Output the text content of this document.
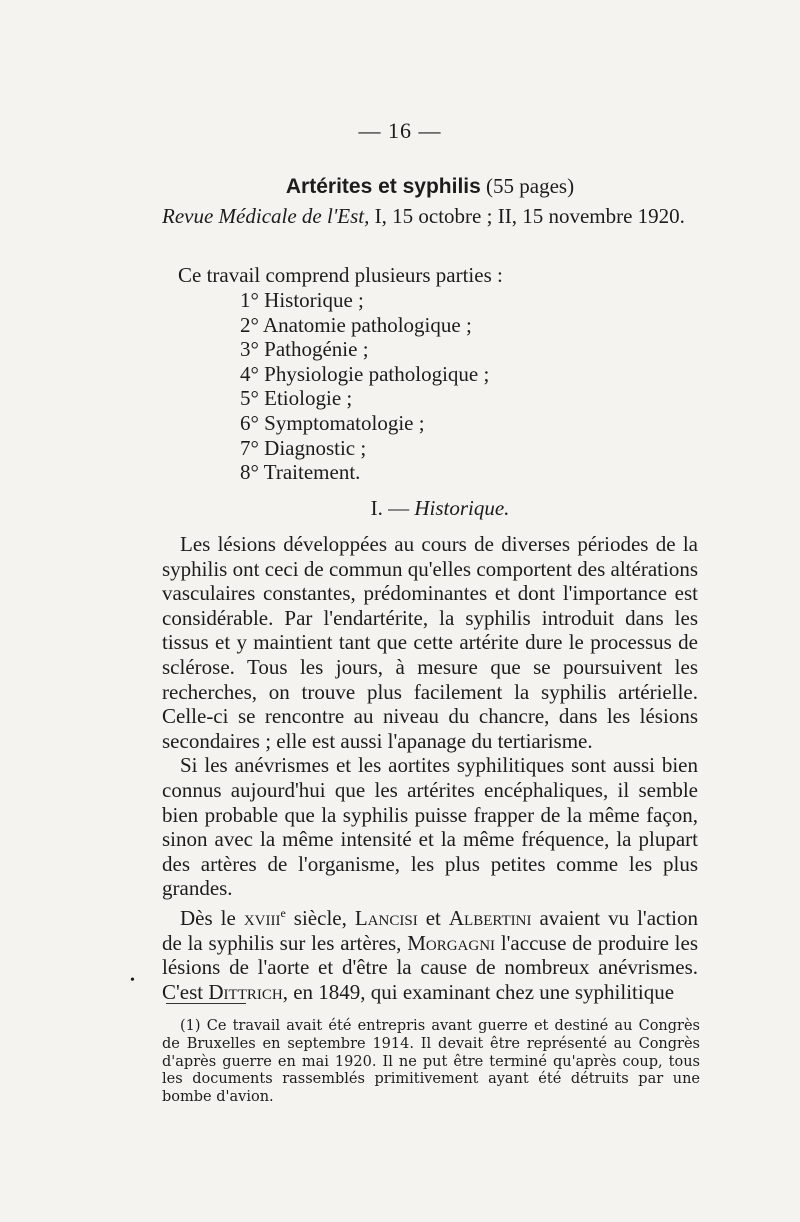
— 16 —
Artérites et syphilis (55 pages)
Revue Médicale de l'Est, I, 15 octobre ; II, 15 novembre 1920.
Ce travail comprend plusieurs parties :
1° Historique ;
2° Anatomie pathologique ;
3° Pathogénie ;
4° Physiologie pathologique ;
5° Etiologie ;
6° Symptomatologie ;
7° Diagnostic ;
8° Traitement.
I. — Historique.

Les lésions développées au cours de diverses périodes de la syphilis ont ceci de commun qu'elles comportent des altérations vasculaires constantes, prédominantes et dont l'importance est considérable. Par l'endartérite, la syphilis introduit dans les tissus et y maintient tant que cette artérite dure le processus de sclérose. Tous les jours, à mesure que se poursuivent les recherches, on trouve plus facilement la syphilis artérielle. Celle-ci se rencontre au niveau du chancre, dans les lésions secondaires ; elle est aussi l'apanage du tertiarisme.

Si les anévrismes et les aortites syphilitiques sont aussi bien connus aujourd'hui que les artérites encéphaliques, il semble bien probable que la syphilis puisse frapper de la même façon, sinon avec la même intensité et la même fréquence, la plupart des artères de l'organisme, les plus petites comme les plus grandes.

Dès le xviii$^e$ siècle, Lancisi et Albertini avaient vu l'action de la syphilis sur les artères, Morgagni l'accuse de produire les lésions de l'aorte et d'être la cause de nombreux anévrismes. C'est Dittrich, en 1849, qui examinant chez une syphilitique

•

(1) Ce travail avait été entrepris avant guerre et destiné au Congrès de Bruxelles en septembre 1914. Il devait être représenté au Congrès d'après guerre en mai 1920. Il ne put être terminé qu'après coup, tous les documents rassemblés primitivement ayant été détruits par une bombe d'avion.
